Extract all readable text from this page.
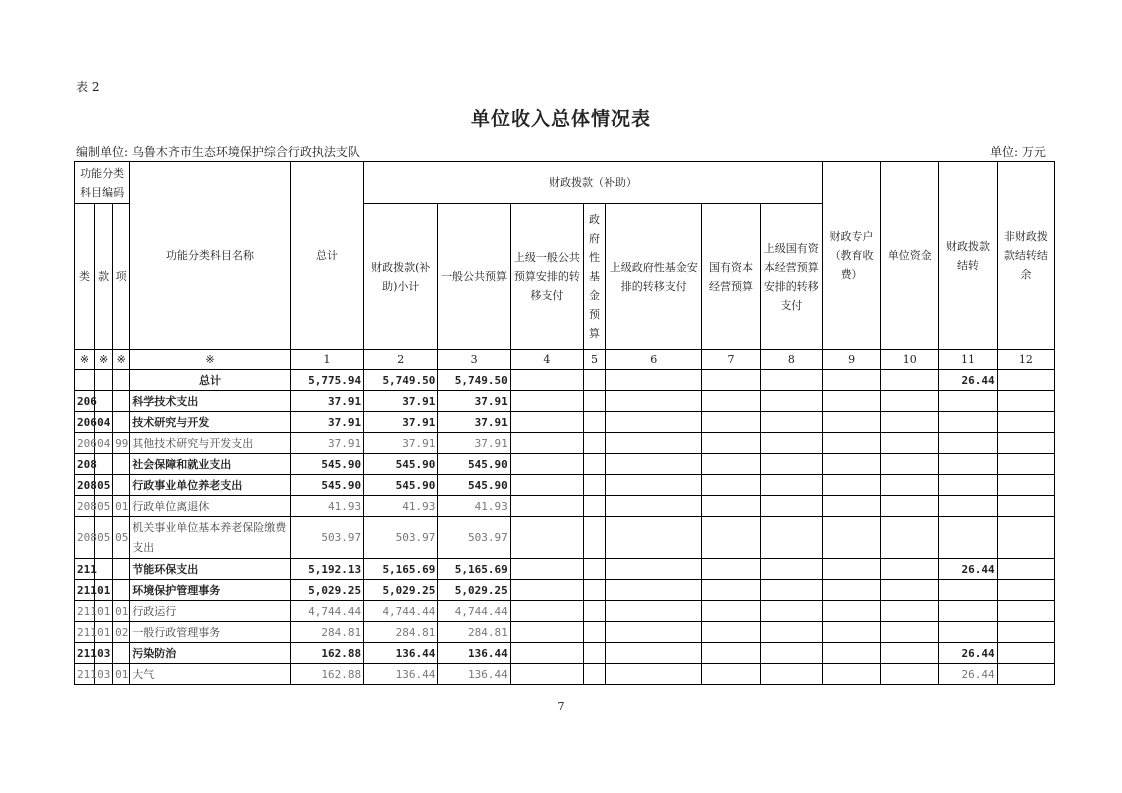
表 2
单位收入总体情况表
编制单位: 乌鲁木齐市生态环境保护综合行政执法支队	单位: 万元
功能分类科目编码			功能分类科目名称	总计	财政拨款（补助）							财政专户（教育收费）	单位资金	财政拨款结转	非财政拨款结转结余
类	款	项			财政拨款(补助)小计	一般公共预算	上级一般公共预算安排的转移支付	政府性基金预算	上级政府性基金安排的转移支付	国有资本经营预算	上级国有资本经营预算安排的转移支付				
※	※	※	※	1	2	3	4	5	6	7	8	9	10	11	12
			总计	5,775.94	5,749.50	5,749.50								26.44	
206			科学技术支出	37.91	37.91	37.91									
206	04		技术研究与开发	37.91	37.91	37.91									
206	04	99	其他技术研究与开发支出	37.91	37.91	37.91									
208			社会保障和就业支出	545.90	545.90	545.90									
208	05		行政事业单位养老支出	545.90	545.90	545.90									
208	05	01	行政单位离退休	41.93	41.93	41.93									
208	05	05	机关事业单位基本养老保险缴费支出	503.97	503.97	503.97									
211			节能环保支出	5,192.13	5,165.69	5,165.69								26.44	
211	01		环境保护管理事务	5,029.25	5,029.25	5,029.25									
211	01	01	行政运行	4,744.44	4,744.44	4,744.44									
211	01	02	一般行政管理事务	284.81	284.81	284.81									
211	03		污染防治	162.88	136.44	136.44								26.44	
211	03	01	大气	162.88	136.44	136.44								26.44	
7
